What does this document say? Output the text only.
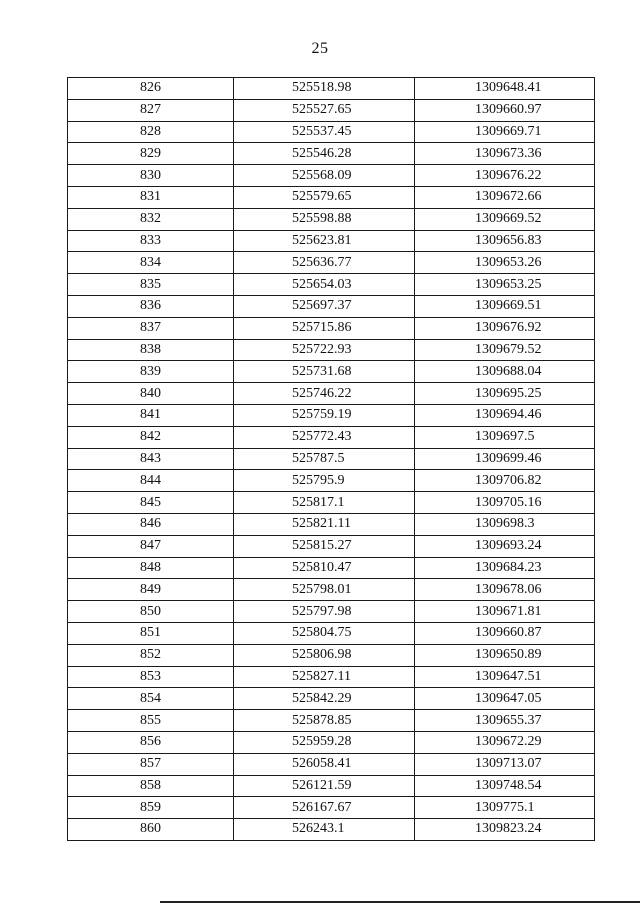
25
826	525518.98	1309648.41
827	525527.65	1309660.97
828	525537.45	1309669.71
829	525546.28	1309673.36
830	525568.09	1309676.22
831	525579.65	1309672.66
832	525598.88	1309669.52
833	525623.81	1309656.83
834	525636.77	1309653.26
835	525654.03	1309653.25
836	525697.37	1309669.51
837	525715.86	1309676.92
838	525722.93	1309679.52
839	525731.68	1309688.04
840	525746.22	1309695.25
841	525759.19	1309694.46
842	525772.43	1309697.5
843	525787.5	1309699.46
844	525795.9	1309706.82
845	525817.1	1309705.16
846	525821.11	1309698.3
847	525815.27	1309693.24
848	525810.47	1309684.23
849	525798.01	1309678.06
850	525797.98	1309671.81
851	525804.75	1309660.87
852	525806.98	1309650.89
853	525827.11	1309647.51
854	525842.29	1309647.05
855	525878.85	1309655.37
856	525959.28	1309672.29
857	526058.41	1309713.07
858	526121.59	1309748.54
859	526167.67	1309775.1
860	526243.1	1309823.24
